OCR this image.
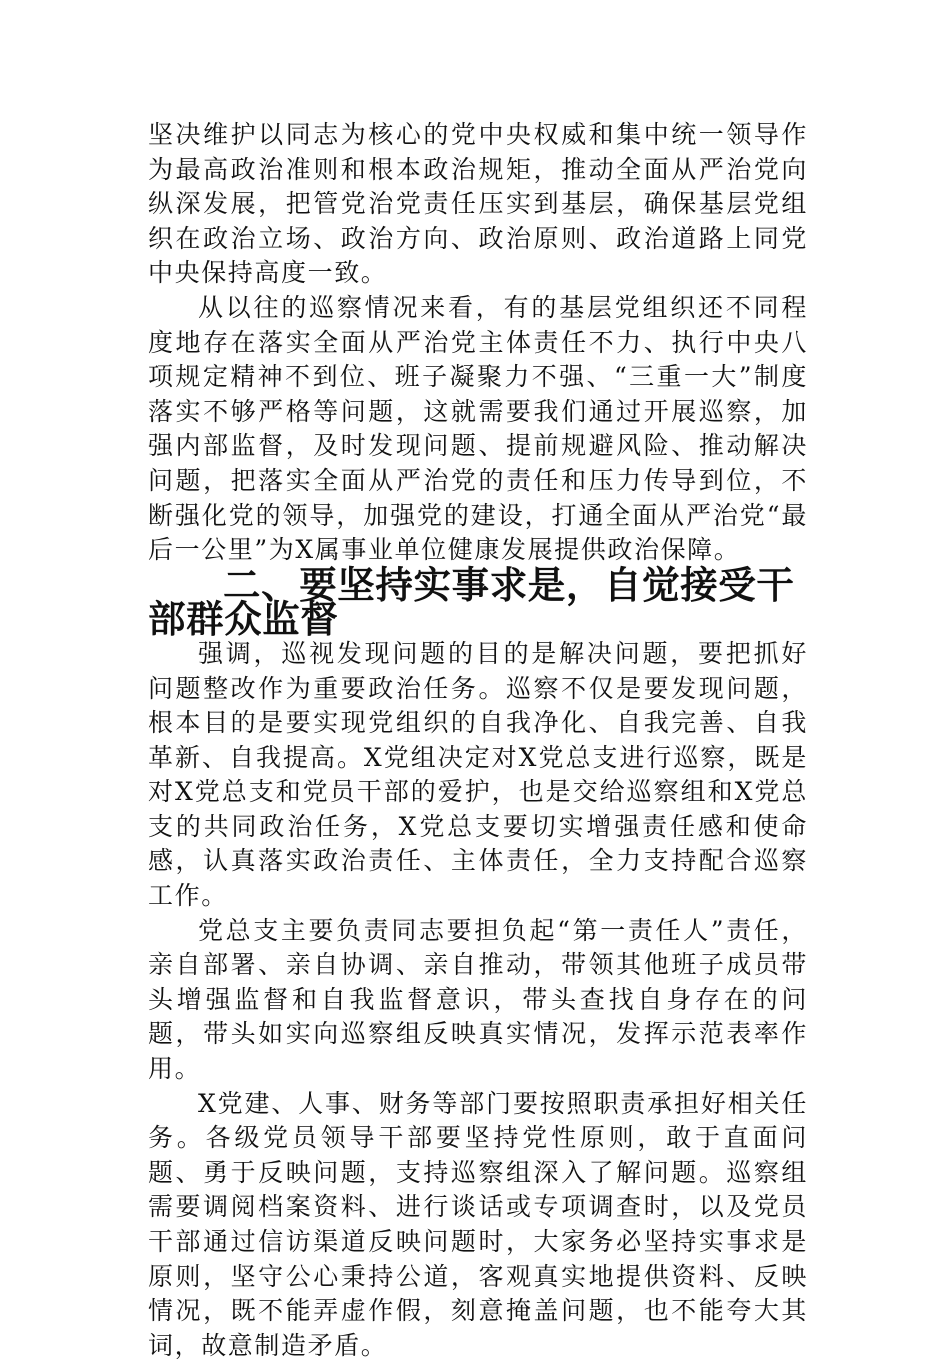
坚决维护以同志为核心的党中央权威和集中统一领导作为最高政治准则和根本政治规矩，推动全面从严治党向纵深发展，把管党治党责任压实到基层，确保基层党组织在政治立场、政治方向、政治原则、政治道路上同党中央保持高度一致。

从以往的巡察情况来看，有的基层党组织还不同程度地存在落实全面从严治党主体责任不力、执行中央八项规定精神不到位、班子凝聚力不强、“三重一大”制度落实不够严格等问题，这就需要我们通过开展巡察，加强内部监督，及时发现问题、提前规避风险、推动解决问题，把落实全面从严治党的责任和压力传导到位，不断强化党的领导，加强党的建设，打通全面从严治党“最后一公里”为X属事业单位健康发展提供政治保障。

二、要坚持实事求是，自觉接受干部群众监督

强调，巡视发现问题的目的是解决问题，要把抓好问题整改作为重要政治任务。巡察不仅是要发现问题，根本目的是要实现党组织的自我净化、自我完善、自我革新、自我提高。X党组决定对X党总支进行巡察，既是对X党总支和党员干部的爱护，也是交给巡察组和X党总支的共同政治任务，X党总支要切实增强责任感和使命感，认真落实政治责任、主体责任，全力支持配合巡察工作。

党总支主要负责同志要担负起“第一责任人”责任，亲自部署、亲自协调、亲自推动，带领其他班子成员带头增强监督和自我监督意识，带头查找自身存在的问题，带头如实向巡察组反映真实情况，发挥示范表率作用。

X党建、人事、财务等部门要按照职责承担好相关任务。各级党员领导干部要坚持党性原则，敢于直面问题、勇于反映问题，支持巡察组深入了解问题。巡察组需要调阅档案资料、进行谈话或专项调查时，以及党员干部通过信访渠道反映问题时，大家务必坚持实事求是原则，坚守公心秉持公道，客观真实地提供资料、反映情况，既不能弄虚作假，刻意掩盖问题，也不能夸大其词，故意制造矛盾。
